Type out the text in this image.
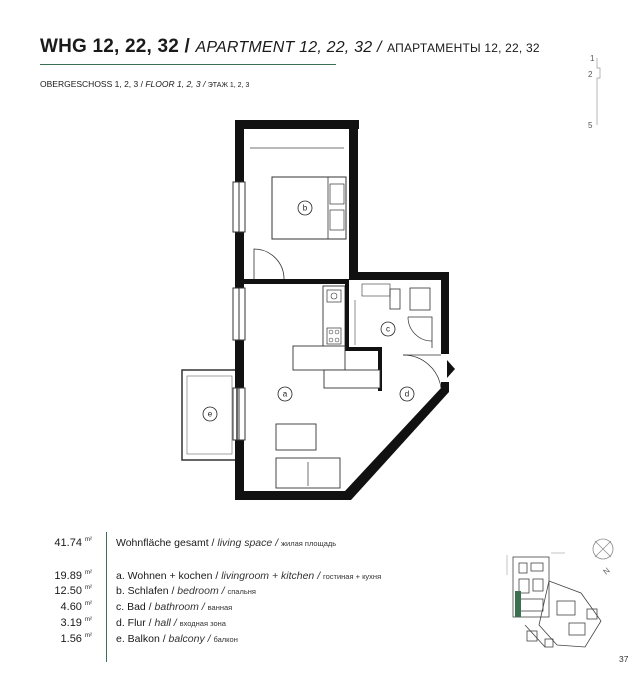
WHG 12, 22, 32 / APARTMENT 12, 22, 32 / АПАРТАМЕНТЫ 12, 22, 32
OBERGESCHOSS 1, 2, 3 / FLOOR 1, 2, 3 / ЭТАЖ 1, 2, 3
1
2
5
b
c
a	d
e
41.74 $^{m^2}$ Wohnfläche gesamt / living space / жилая площадь
19.89 $^{m^2}$ a. Wohnen + kochen / livingroom + kitchen / гостиная + кухня
12.50 $^{m^2}$ b. Schlafen / bedroom / спальня
4.60 $^{m^2}$ c. Bad / bathroom / ванная
3.19 $^{m^2}$ d. Flur / hall / входная зона
1.56 $^{m^2}$ e. Balkon / balcony / балкон
N
37
